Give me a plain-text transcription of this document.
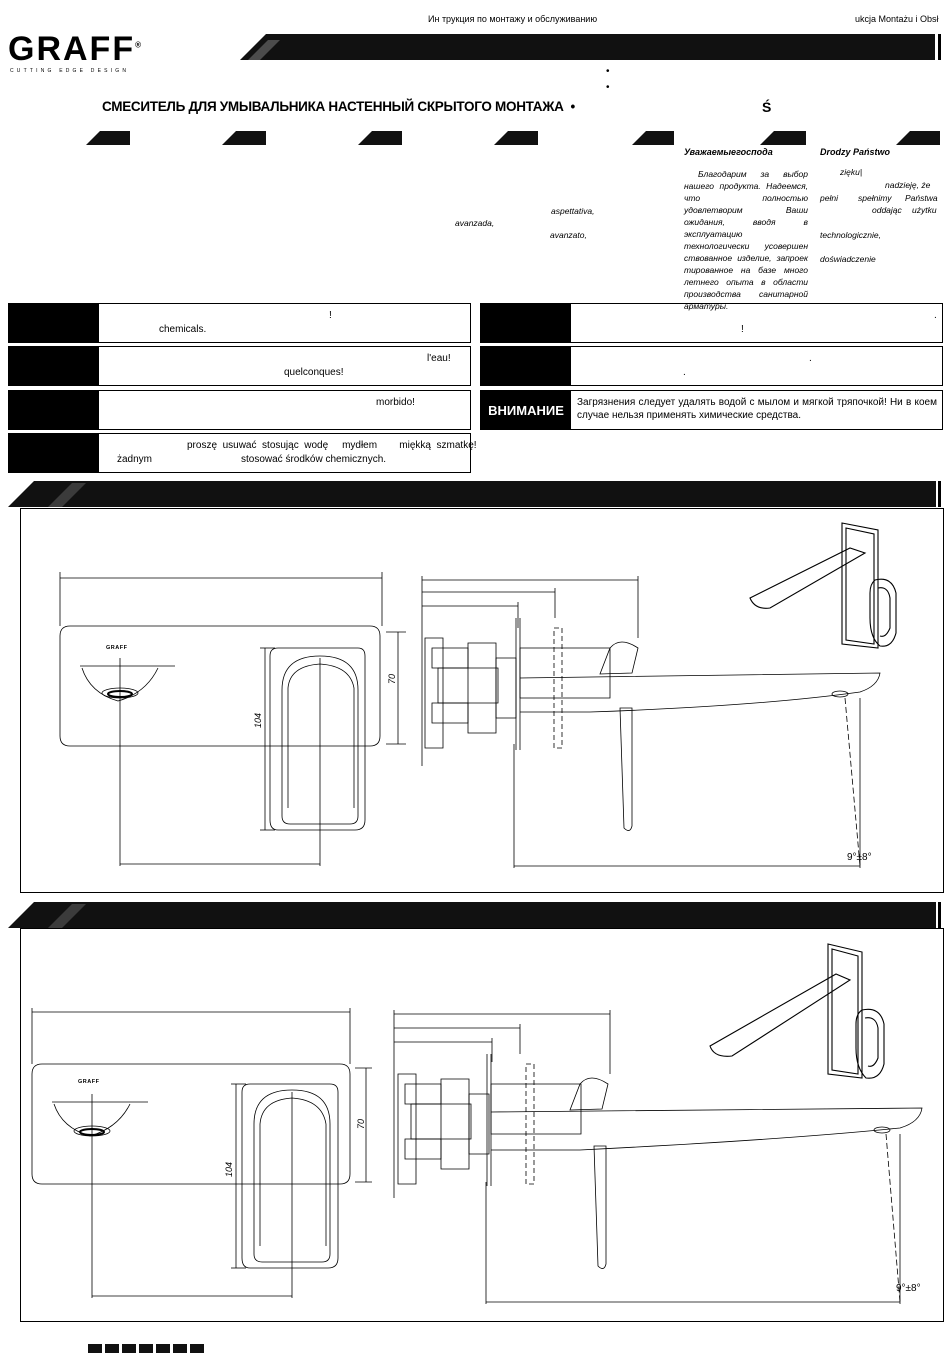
GRAFF®
CUTTING EDGE DESIGN
Ин трукция по монтажу и обслуживанию	ukcja Montażu i Obsł
•
•
СМЕСИТЕЛЬ ДЛЯ УМЫВАЛЬНИКА НАСТЕННЫЙ СКРЫТОГО МОНТАЖА •	Ś
aspettativa,
avanzada,
avanzato,
Уважаемыегоспода
Благодарим за выбор нашего продукта. Надеемся, что полностью удовлетворим Ваши ожидания, вводя в эксплуатацию технологически усовершен ствованное изделие, запроек тированное на базе много летнего опыта в области производства санитарной арматуры.
Drodzy Państwo
zięku|
nadzieję, że
pełni spełnimy Państwa
oddając użytku
technologicznie,
doświadczenie
!
chemicals.
l'eau!
quelconques!
morbido!
proszę  usuwać  stosując  wodę     mydłem        miękką  szmatkę!
żadnym	stosować środków chemicznych.
.
!
.
.
ВНИМАНИЕ	Загрязнения следует удалять водой с мылом и мягкой тряпочкой! Ни в коем случае нельзя применять химические средства.
GRAFF
70
104
9°±8°
GRAFF
70
104
9°±8°
